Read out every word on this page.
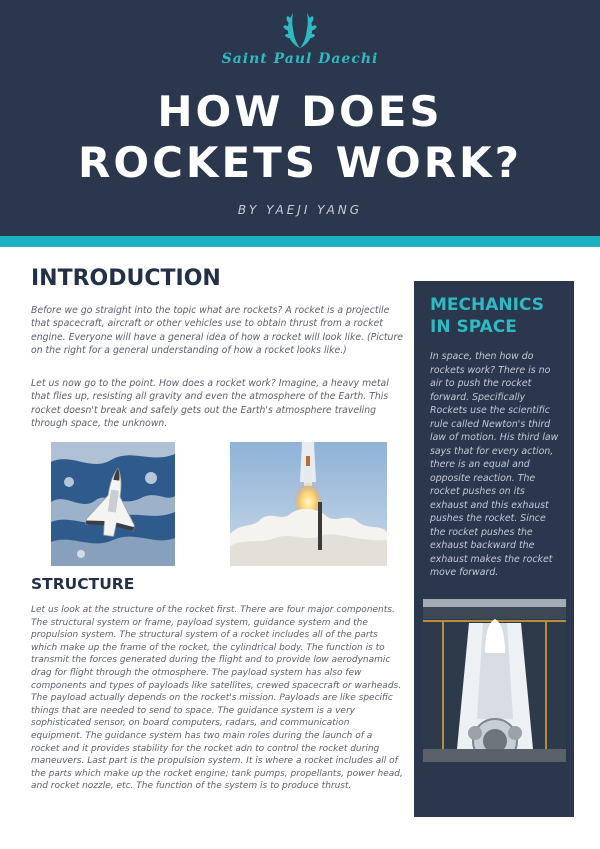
Saint Paul Daechi
HOW DOES
ROCKETS WORK?
BY YAEJI YANG
INTRODUCTION

Before we go straight into the topic what are rockets? A rocket is a projectile that spacecraft, aircraft or other vehicles use to obtain thrust from a rocket engine. Everyone will have a general idea of how a rocket will look like. (Picture on the right for a general understanding of how a rocket looks like.)

Let us now go to the point. How does a rocket work? Imagine, a heavy metal that flies up, resisting all gravity and even the atmosphere of the Earth. This rocket doesn't break and safely gets out the Earth's atmosphere traveling through space, the unknown.

STRUCTURE

Let us look at the structure of the rocket first. There are four major components. The structural system or frame, payload system, guidance system and the propulsion system. The structural system of a rocket includes all of the parts which make up the frame of the rocket, the cylindrical body. The function is to transmit the forces generated during the flight and to provide low aerodynamic drag for flight through the otmosphere. The payload system has also few components and types of payloads like satellites, crewed spacecraft or warheads. The payload actually depends on the rocket's mission. Payloads are like specific things that are needed to send to space. The guidance system is a very sophisticated sensor, on board computers, radars, and communication equipment. The guidance system has two main roles during the launch of a rocket and it provides stability for the rocket adn to control the rocket during maneuvers. Last part is the propulsion system. It is where a rocket includes all of the parts which make up the rocket engine; tank pumps, propellants, power head, and rocket nozzle, etc. The function of the system is to produce thrust.

MECHANICS
IN SPACE

In space, then how do rockets work? There is no air to push the rocket forward. Specifically Rockets use the scientific rule called Newton's third law of motion. His third law says that for every action, there is an equal and opposite reaction. The rocket pushes on its exhaust and this exhaust pushes the rocket. Since the rocket pushes the exhaust backward the exhaust makes the rocket move forward.
